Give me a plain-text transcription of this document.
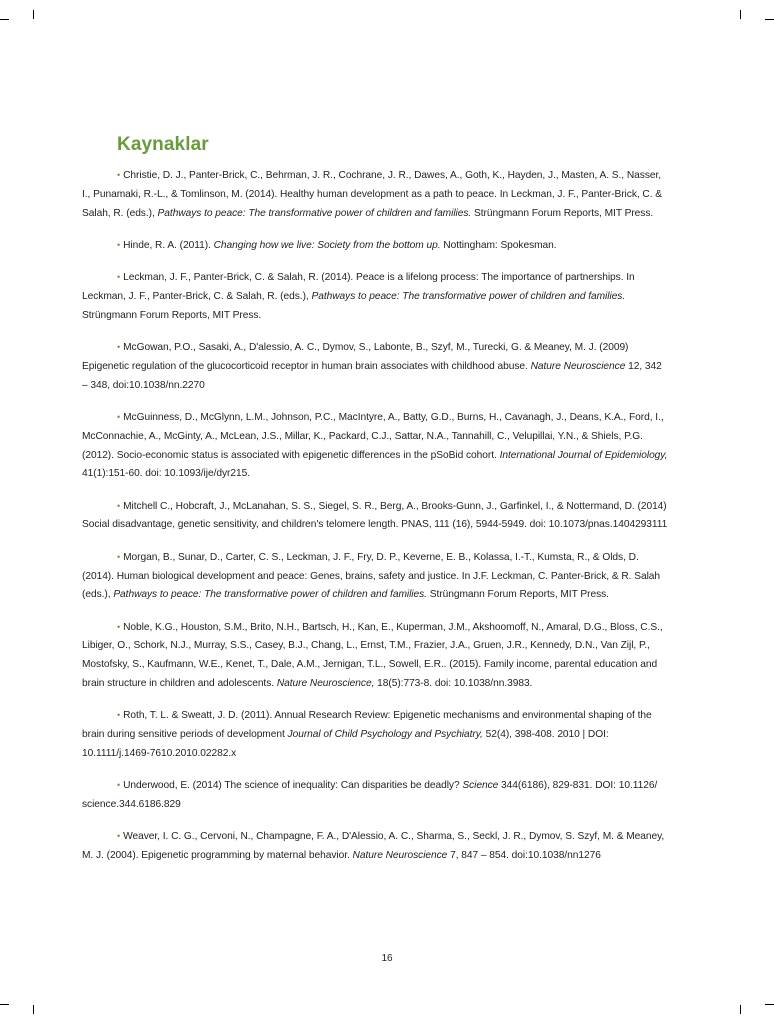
Kaynaklar

• Christie, D. J., Panter-Brick, C., Behrman, J. R., Cochrane, J. R., Dawes, A., Goth, K., Hayden, J., Masten, A. S., Nasser, I., Punamaki, R.-L., & Tomlinson, M. (2014). Healthy human development as a path to peace. In Leckman, J. F., Panter-Brick, C. & Salah, R. (eds.), Pathways to peace: The transformative power of children and families. Strüngmann Forum Reports, MIT Press.

• Hinde, R. A. (2011). Changing how we live: Society from the bottom up. Nottingham: Spokesman.

• Leckman, J. F., Panter-Brick, C. & Salah, R. (2014). Peace is a lifelong process: The importance of partnerships. In Leckman, J. F., Panter-Brick, C. & Salah, R. (eds.), Pathways to peace: The transformative power of children and families. Strüngmann Forum Reports, MIT Press.

• McGowan, P.O., Sasaki, A., D'alessio, A. C., Dymov, S., Labonte, B., Szyf, M., Turecki, G. & Meaney, M. J. (2009) Epigenetic regulation of the glucocorticoid receptor in human brain associates with childhood abuse. Nature Neuroscience 12, 342 – 348, doi:10.1038/nn.2270

• McGuinness, D., McGlynn, L.M., Johnson, P.C., MacIntyre, A., Batty, G.D., Burns, H., Cavanagh, J., Deans, K.A., Ford, I., McConnachie, A., McGinty, A., McLean, J.S., Millar, K., Packard, C.J., Sattar, N.A., Tannahill, C., Velupillai, Y.N., & Shiels, P.G. (2012). Socio-economic status is associated with epigenetic differences in the pSoBid cohort. International Journal of Epidemiology, 41(1):151-60. doi: 10.1093/ije/dyr215.

• Mitchell C., Hobcraft, J., McLanahan, S. S., Siegel, S. R., Berg, A., Brooks-Gunn, J., Garfinkel, I., & Nottermand, D. (2014) Social disadvantage, genetic sensitivity, and children's telomere length. PNAS, 111 (16), 5944-5949. doi: 10.1073/pnas.1404293111

• Morgan, B., Sunar, D., Carter, C. S., Leckman, J. F., Fry, D. P., Keverne, E. B., Kolassa, I.-T., Kumsta, R., & Olds, D. (2014). Human biological development and peace: Genes, brains, safety and justice. In J.F. Leckman, C. Panter-Brick, & R. Salah (eds.), Pathways to peace: The transformative power of children and families. Strüngmann Forum Reports, MIT Press.

• Noble, K.G., Houston, S.M., Brito, N.H., Bartsch, H., Kan, E., Kuperman, J.M., Akshoomoff, N., Amaral, D.G., Bloss, C.S., Libiger, O., Schork, N.J., Murray, S.S., Casey, B.J., Chang, L., Ernst, T.M., Frazier, J.A., Gruen, J.R., Kennedy, D.N., Van Zijl, P., Mostofsky, S., Kaufmann, W.E., Kenet, T., Dale, A.M., Jernigan, T.L., Sowell, E.R.. (2015). Family income, parental education and brain structure in children and adolescents. Nature Neuroscience, 18(5):773-8. doi: 10.1038/nn.3983.

• Roth, T. L. & Sweatt, J. D. (2011). Annual Research Review: Epigenetic mechanisms and environmental shaping of the brain during sensitive periods of development Journal of Child Psychology and Psychiatry, 52(4), 398-408. 2010 | DOI: 10.1111/j.1469-7610.2010.02282.x

• Underwood, E. (2014) The science of inequality: Can disparities be deadly? Science 344(6186), 829-831. DOI: 10.1126/ science.344.6186.829

• Weaver, I. C. G., Cervoni, N., Champagne, F. A., D'Alessio, A. C., Sharma, S., Seckl, J. R., Dymov, S. Szyf, M. & Meaney, M. J. (2004). Epigenetic programming by maternal behavior. Nature Neuroscience 7, 847 – 854. doi:10.1038/nn1276

16
